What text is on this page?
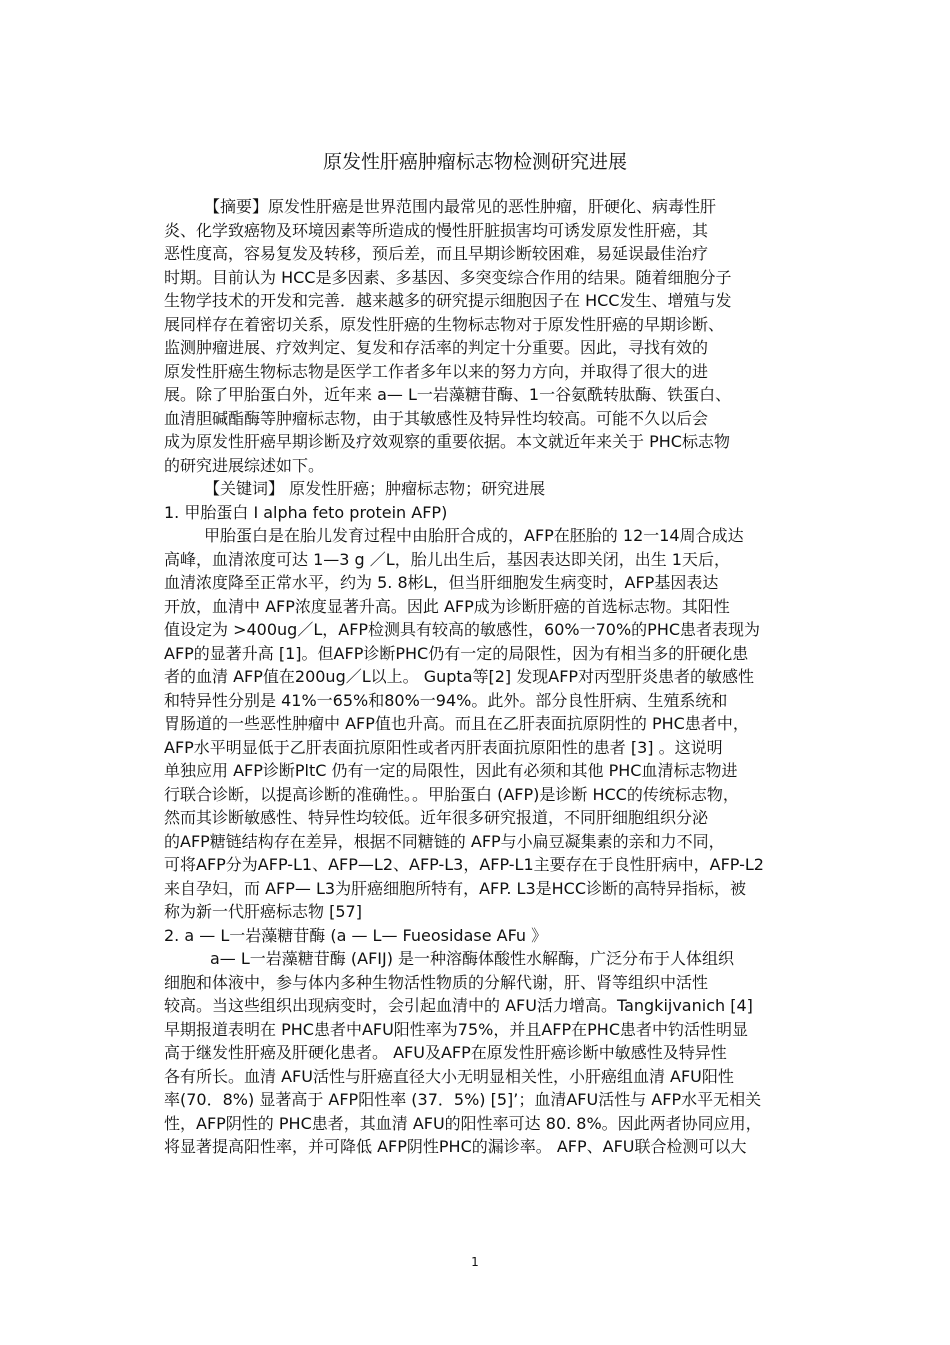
原发性肝癌肿瘤标志物检测研究进展
【摘要】原发性肝癌是世界范围内最常见的恶性肿瘤，肝硬化、病毒性肝
炎、化学致癌物及环境因素等所造成的慢性肝脏损害均可诱发原发性肝癌，其
恶性度高，容易复发及转移，预后差，而且早期诊断较困难，易延误最佳治疗
时期。目前认为 HCC是多因素、多基因、多突变综合作用的结果。随着细胞分子
生物学技术的开发和完善．越来越多的研究提示细胞因子在 HCC发生、增殖与发
展同样存在着密切关系，原发性肝癌的生物标志物对于原发性肝癌的早期诊断、
监测肿瘤进展、疗效判定、复发和存活率的判定十分重要。因此，寻找有效的
原发性肝癌生物标志物是医学工作者多年以来的努力方向，并取得了很大的进
展。除了甲胎蛋白外，近年来 a— L一岩藻糖苷酶、1一谷氨酰转肽酶、铁蛋白、
血清胆碱酯酶等肿瘤标志物，由于其敏感性及特异性均较高。可能不久以后会
成为原发性肝癌早期诊断及疗效观察的重要依据。本文就近年来关于 PHC标志物
的研究进展综述如下。
【关键词】 原发性肝癌；肿瘤标志物；研究进展
1. 甲胎蛋白 I alpha feto protein AFP)
甲胎蛋白是在胎儿发育过程中由胎肝合成的，AFP在胚胎的 12一14周合成达
高峰，血清浓度可达 1—3 g ／L，胎儿出生后，基因表达即关闭，出生 1天后，
血清浓度降至正常水平，约为 5. 8彬L，但当肝细胞发生病变时，AFP基因表达
开放，血清中 AFP浓度显著升高。因此 AFP成为诊断肝癌的首选标志物。其阳性
值设定为 >400ug／L，AFP检测具有较高的敏感性，60%一70%的PHC患者表现为
AFP的显著升高 [1]。但AFP诊断PHC仍有一定的局限性，因为有相当多的肝硬化患
者的血清 AFP值在200ug／L以上。 Gupta等[2] 发现AFP对丙型肝炎患者的敏感性
和特异性分别是 41%一65%和80%一94%。此外。部分良性肝病、生殖系统和
胃肠道的一些恶性肿瘤中 AFP值也升高。而且在乙肝表面抗原阴性的 PHC患者中，
AFP水平明显低于乙肝表面抗原阳性或者丙肝表面抗原阳性的患者 [3] 。这说明
单独应用 AFP诊断PltC 仍有一定的局限性，因此有必须和其他 PHC血清标志物进
行联合诊断，以提高诊断的准确性。。甲胎蛋白 (AFP)是诊断 HCC的传统标志物，
然而其诊断敏感性、特异性均较低。近年很多研究报道，不同肝细胞组织分泌
的AFP糖链结构存在差异，根据不同糖链的 AFP与小扁豆凝集素的亲和力不同，
可将AFP分为AFP-L1、AFP—L2、AFP-L3，AFP-L1主要存在于良性肝病中，AFP-L2
来自孕妇，而 AFP— L3为肝癌细胞所特有，AFP. L3是HCC诊断的高特异指标，被
称为新一代肝癌标志物 [57]
2. a — L一岩藻糖苷酶 (a — L— Fueosidase AFu 》
a— L一岩藻糖苷酶 (AFIJ) 是一种溶酶体酸性水解酶，广泛分布于人体组织
细胞和体液中，参与体内多种生物活性物质的分解代谢，肝、肾等组织中活性
较高。当这些组织出现病变时，会引起血清中的 AFU活力增高。Tangkijvanich [4]
早期报道表明在 PHC患者中AFU阳性率为75%，并且AFP在PHC患者中钓活性明显
高于继发性肝癌及肝硬化患者。 AFU及AFP在原发性肝癌诊断中敏感性及特异性
各有所长。血清 AFU活性与肝癌直径大小无明显相关性，小肝癌组血清 AFU阳性
率(70．8%) 显著高于 AFP阳性率 (37．5%) [5]’；血清AFU活性与 AFP水平无相关
性，AFP阴性的 PHC患者，其血清 AFU的阳性率可达 80. 8%。因此两者协同应用，
将显著提高阳性率，并可降低 AFP阴性PHC的漏诊率。 AFP、AFU联合检测可以大
1
